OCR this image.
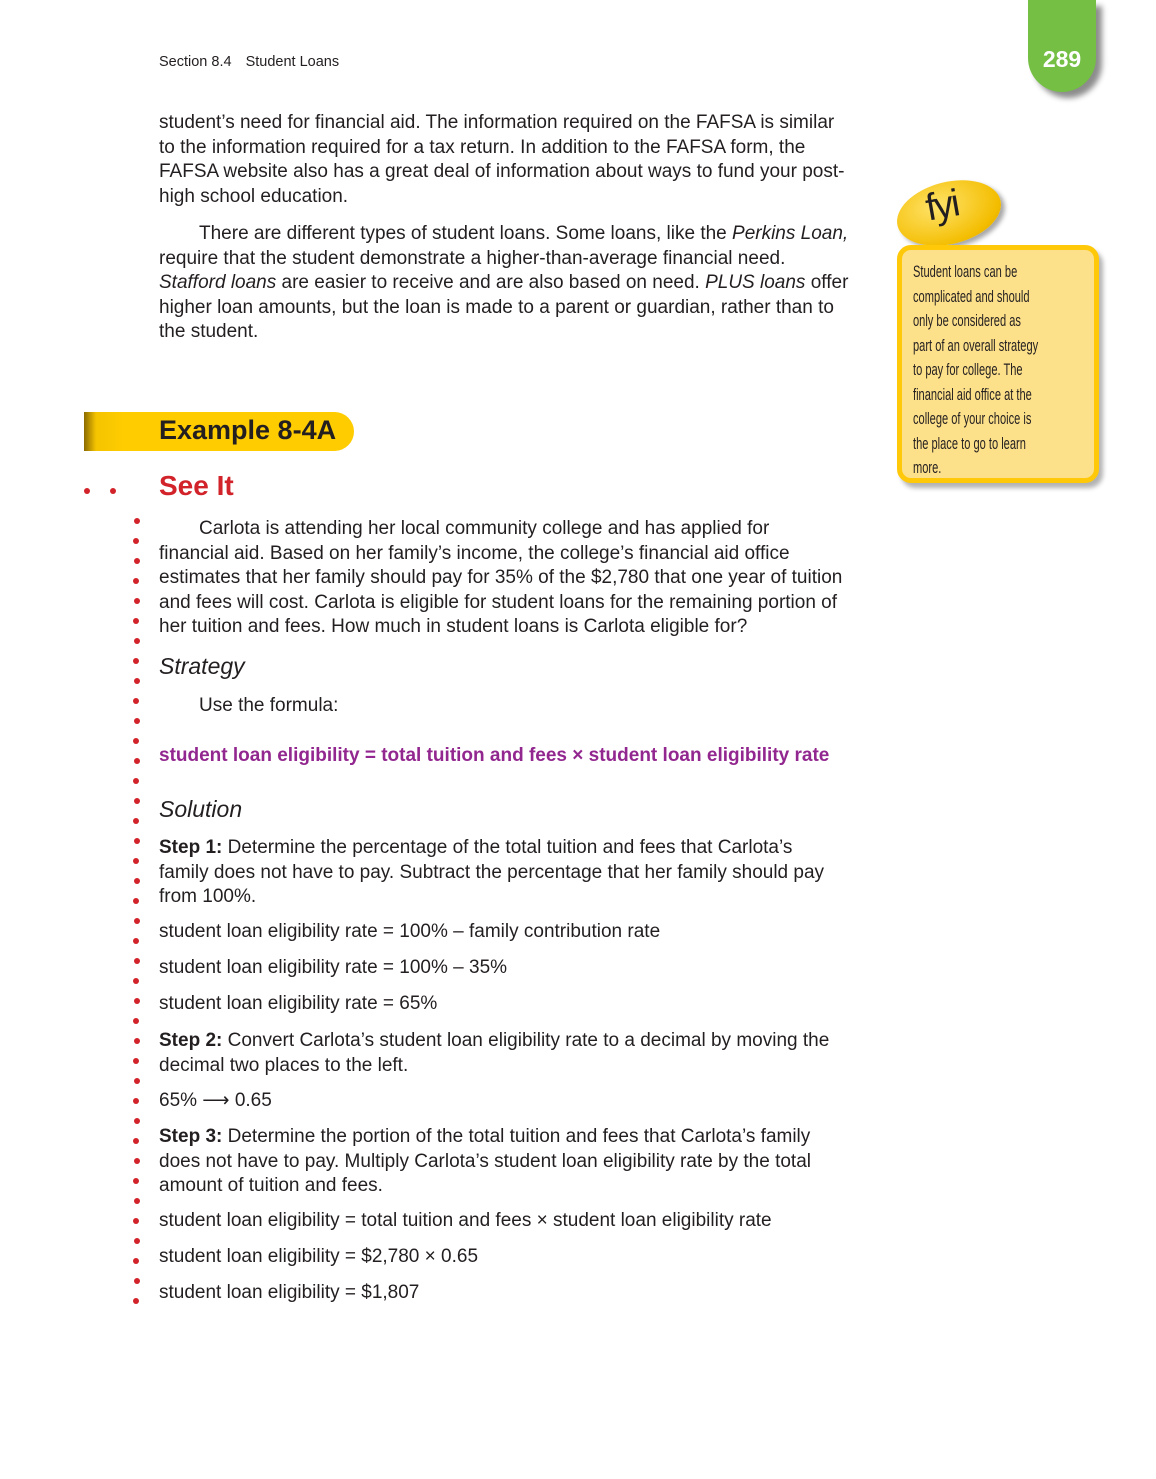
Section 8.4 Student Loans	289
student’s need for financial aid. The information required on the FAFSA is similar
to the information required for a tax return. In addition to the FAFSA form, the
FAFSA website also has a great deal of information about ways to fund your post-
high school education.
There are different types of student loans. Some loans, like the Perkins Loan,
require that the student demonstrate a higher-than-average financial need.
Stafford loans are easier to receive and are also based on need. PLUS loans offer
higher loan amounts, but the loan is made to a parent or guardian, rather than to
the student.
Example 8-4A
See It
Carlota is attending her local community college and has applied for
financial aid. Based on her family’s income, the college’s financial aid office
estimates that her family should pay for 35% of the $2,780 that one year of tuition
and fees will cost. Carlota is eligible for student loans for the remaining portion of
her tuition and fees. How much in student loans is Carlota eligible for?
Strategy
Use the formula:
student loan eligibility = total tuition and fees × student loan eligibility rate
Solution
Step 1: Determine the percentage of the total tuition and fees that Carlota’s
family does not have to pay. Subtract the percentage that her family should pay
from 100%.
student loan eligibility rate = 100% – family contribution rate
student loan eligibility rate = 100% – 35%
student loan eligibility rate = 65%
Step 2: Convert Carlota’s student loan eligibility rate to a decimal by moving the
decimal two places to the left.
65% ⟶ 0.65
Step 3: Determine the portion of the total tuition and fees that Carlota’s family
does not have to pay. Multiply Carlota’s student loan eligibility rate by the total
amount of tuition and fees.
student loan eligibility = total tuition and fees × student loan eligibility rate
student loan eligibility = $2,780 × 0.65
student loan eligibility = $1,807
fyi
Student loans can be
complicated and should
only be considered as
part of an overall strategy
to pay for college. The
financial aid office at the
college of your choice is
the place to go to learn
more.
